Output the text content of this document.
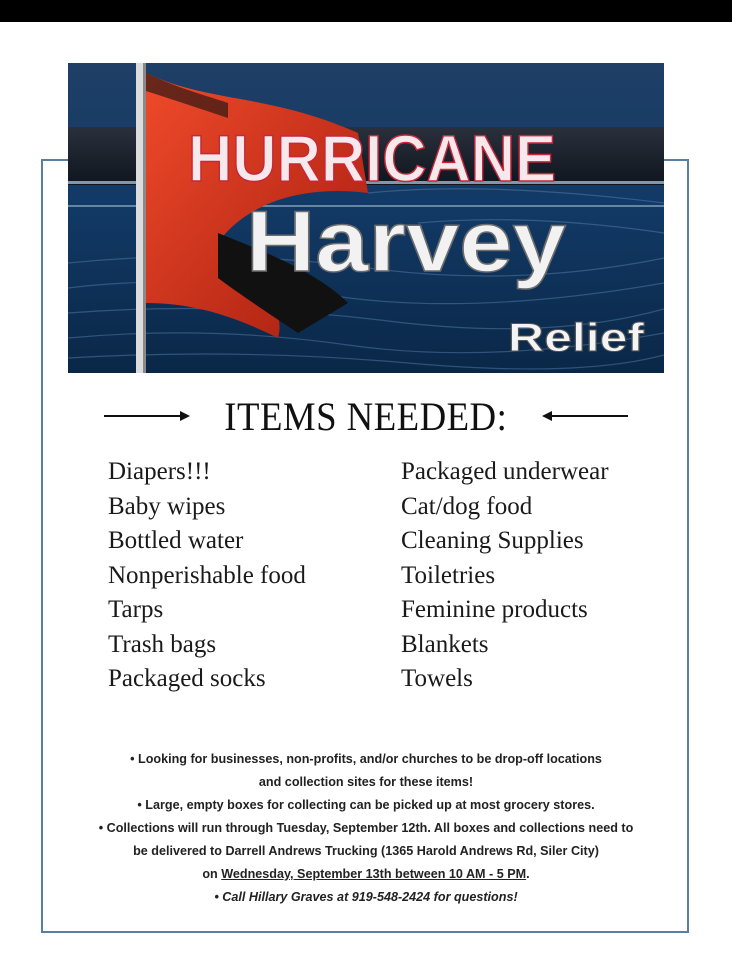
HURRICANE
Harvey
Relief
ITEMS NEEDED:
Diapers!!!
Baby wipes
Bottled water
Nonperishable food
Tarps
Trash bags
Packaged socks
Packaged underwear
Cat/dog food
Cleaning Supplies
Toiletries
Feminine products
Blankets
Towels

• Looking for businesses, non-profits, and/or churches to be drop-off locations

and collection sites for these items!

• Large, empty boxes for collecting can be picked up at most grocery stores.

• Collections will run through Tuesday, September 12th. All boxes and collections need to

be delivered to Darrell Andrews Trucking (1365 Harold Andrews Rd, Siler City)

on Wednesday, September 13th between 10 AM - 5 PM.

• Call Hillary Graves at 919-548-2424 for questions!
